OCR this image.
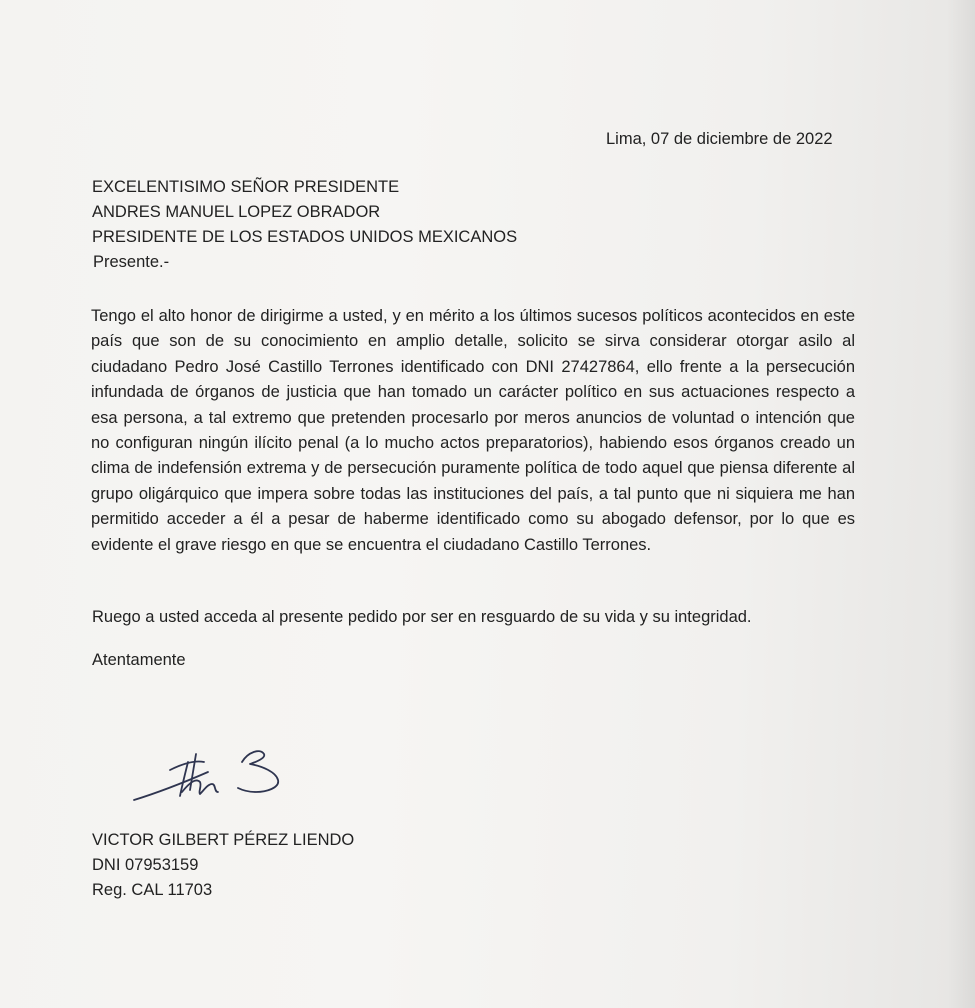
Lima, 07 de diciembre de 2022
EXCELENTISIMO SEÑOR PRESIDENTE
ANDRES MANUEL LOPEZ OBRADOR
PRESIDENTE DE LOS ESTADOS UNIDOS MEXICANOS
Presente.-

Tengo el alto honor de dirigirme a usted, y en mérito a los últimos sucesos políticos acontecidos en este país que son de su conocimiento en amplio detalle, solicito se sirva considerar otorgar asilo al ciudadano Pedro José Castillo Terrones identificado con DNI 27427864, ello frente a la persecución infundada de órganos de justicia que han tomado un carácter político en sus actuaciones respecto a esa persona, a tal extremo que pretenden procesarlo por meros anuncios de voluntad o intención que no configuran ningún ilícito penal (a lo mucho actos preparatorios), habiendo esos órganos creado un clima de indefensión extrema y de persecución puramente política de todo aquel que piensa diferente al grupo oligárquico que impera sobre todas las instituciones del país, a tal punto que ni siquiera me han permitido acceder a él a pesar de haberme identificado como su abogado defensor, por lo que es evidente el grave riesgo en que se encuentra el ciudadano Castillo Terrones.

Ruego a usted acceda al presente pedido por ser en resguardo de su vida y su integridad.
Atentamente
VICTOR GILBERT PÉREZ LIENDO
DNI 07953159
Reg. CAL 11703
